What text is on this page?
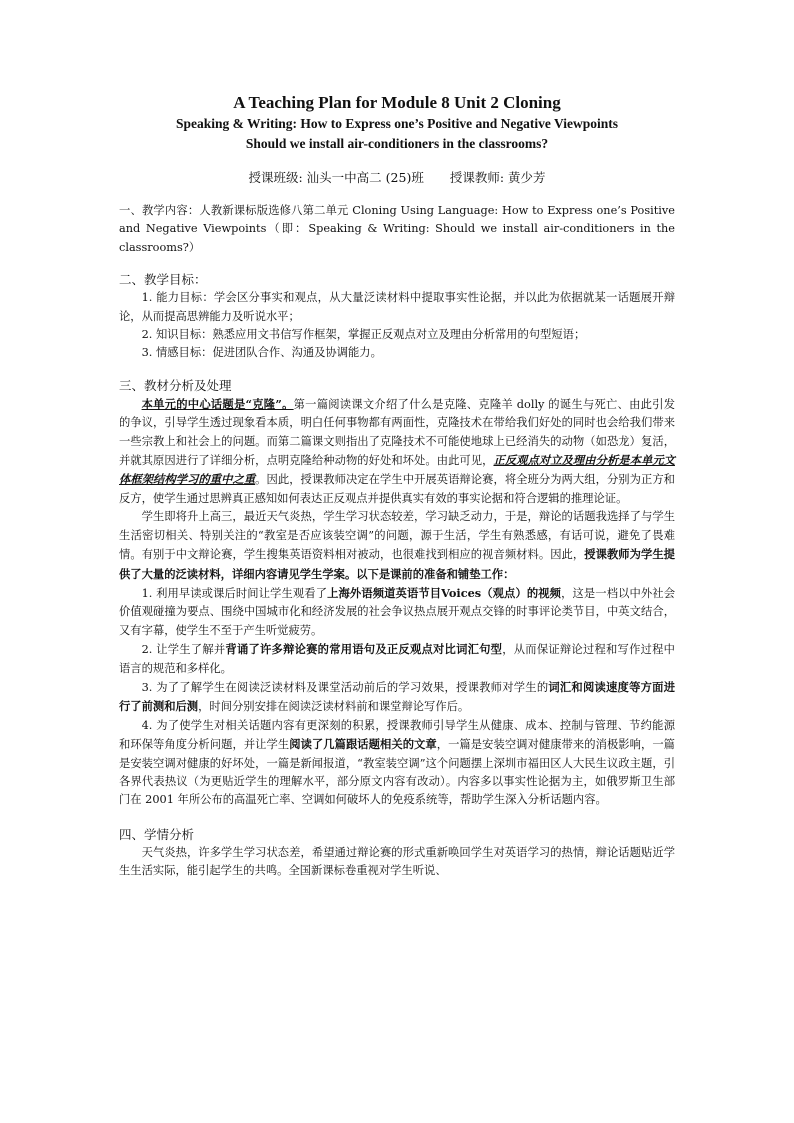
A Teaching Plan for Module 8 Unit 2 Cloning
Speaking & Writing: How to Express one’s Positive and Negative Viewpoints
Should we install air-conditioners in the classrooms?
授课班级: 汕头一中高二 (25)班 授课教师: 黄少芳
一、教学内容：人教新课标版选修八第二单元 Cloning Using Language: How to Express one’s Positive and Negative Viewpoints（即：Speaking & Writing: Should we install air-conditioners in the classrooms?）
二、教学目标：
1. 能力目标：学会区分事实和观点，从大量泛读材料中提取事实性论据，并以此为依据就某一话题展开辩论，从而提高思辨能力及听说水平；
2. 知识目标：熟悉应用文书信写作框架，掌握正反观点对立及理由分析常用的句型短语；
3. 情感目标：促进团队合作、沟通及协调能力。
三、教材分析及处理
本单元的中心话题是“克隆”。第一篇阅读课文介绍了什么是克隆、克隆羊 dolly 的诞生与死亡、由此引发的争议，引导学生透过现象看本质，明白任何事物都有两面性，克隆技术在带给我们好处的同时也会给我们带来一些宗教上和社会上的问题。而第二篇课文则指出了克隆技术不可能使地球上已经消失的动物（如恐龙）复活，并就其原因进行了详细分析，点明克隆给种动物的好处和坏处。由此可见，正反观点对立及理由分析是本单元文体框架结构学习的重中之重。因此，授课教师决定在学生中开展英语辩论赛，将全班分为两大组，分别为正方和反方，使学生通过思辨真正感知如何表达正反观点并提供真实有效的事实论据和符合逻辑的推理论证。
学生即将升上高三，最近天气炎热，学生学习状态较差，学习缺乏动力，于是，辩论的话题我选择了与学生生活密切相关、特别关注的“教室是否应该装空调”的问题，源于生活，学生有熟悉感，有话可说，避免了畏难情。有别于中文辩论赛，学生搜集英语资料相对被动，也很难找到相应的视音频材料。因此，授课教师为学生提供了大量的泛读材料，详细内容请见学生学案。以下是课前的准备和铺垫工作：
1. 利用早读或课后时间让学生观看了上海外语频道英语节目Voices（观点）的视频，这是一档以中外社会价值观碰撞为要点、围绕中国城市化和经济发展的社会争议热点展开观点交锋的时事评论类节目，中英文结合，又有字幕，使学生不至于产生听觉疲劳。
2. 让学生了解并背诵了许多辩论赛的常用语句及正反观点对比词汇句型，从而保证辩论过程和写作过程中语言的规范和多样化。
3. 为了了解学生在阅读泛读材料及课堂活动前后的学习效果，授课教师对学生的词汇和阅读速度等方面进行了前测和后测，时间分别安排在阅读泛读材料前和课堂辩论写作后。
4. 为了使学生对相关话题内容有更深刻的积累，授课教师引导学生从健康、成本、控制与管理、节约能源和环保等角度分析问题，并让学生阅读了几篇跟话题相关的文章，一篇是安装空调对健康带来的消极影响，一篇是安装空调对健康的好坏处，一篇是新闻报道，“教室装空调”这个问题摆上深圳市福田区人大民生议政主题，引各界代表热议（为更贴近学生的理解水平，部分原文内容有改动）。内容多以事实性论据为主，如俄罗斯卫生部门在 2001 年所公布的高温死亡率、空调如何破坏人的免疫系统等，帮助学生深入分析话题内容。
四、学情分析
天气炎热，许多学生学习状态差，希望通过辩论赛的形式重新唤回学生对英语学习的热情，辩论话题贴近学生生活实际，能引起学生的共鸣。全国新课标卷重视对学生听说、
